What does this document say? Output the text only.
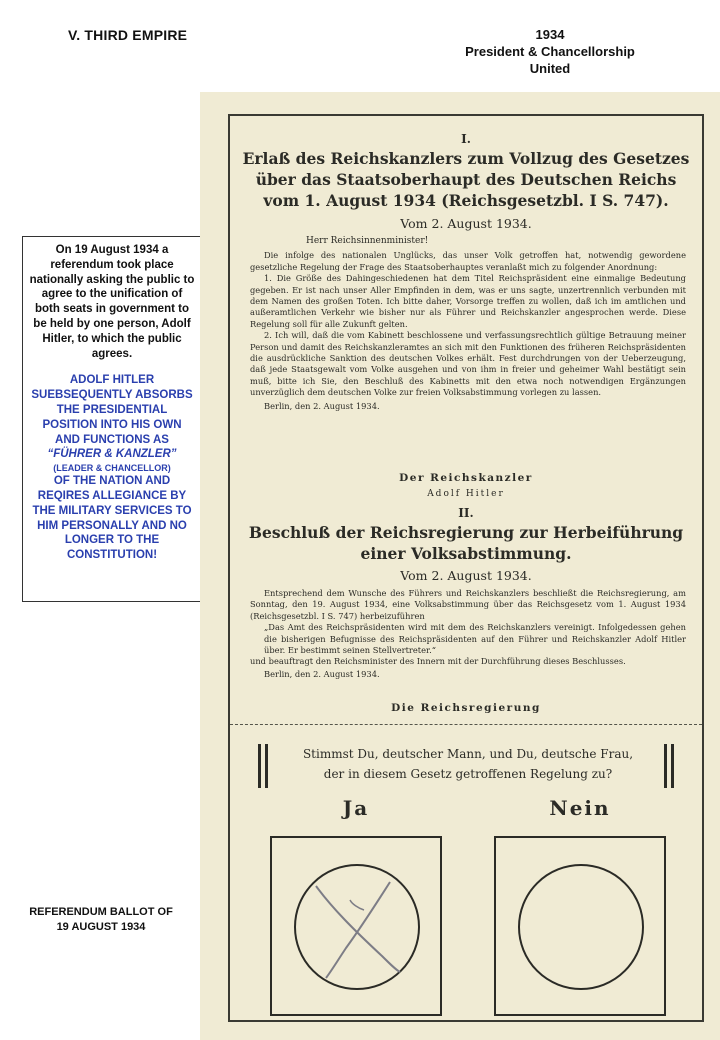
V. THIRD EMPIRE	1934
President & Chancellorship
United
On 19 August 1934 a referendum took place nationally asking the public to agree to the unification of both seats in government to be held by one person, Adolf Hitler, to which the public agrees.
ADOLF HITLER SUEBSEQUENTLY ABSORBS THE PRESIDENTIAL POSITION INTO HIS OWN AND FUNCTIONS AS
“FÜHRER & KANZLER”
(LEADER & CHANCELLOR)
OF THE NATION AND REQIRES ALLEGIANCE BY THE MILITARY SERVICES TO HIM PERSONALLY AND NO LONGER TO THE CONSTITUTION!
REFERENDUM BALLOT OF
19 AUGUST 1934
I.
Erlaß des Reichskanzlers zum Vollzug des Gesetzes
über das Staatsoberhaupt des Deutschen Reichs
vom 1. August 1934 (Reichsgesetzbl. I S. 747).
Vom 2. August 1934.
Herr Reichsinnenminister!
Die infolge des nationalen Unglücks, das unser Volk getroffen hat, notwendig gewordene gesetzliche Regelung der Frage des Staatsoberhauptes veranlaßt mich zu folgender Anordnung:
1. Die Größe des Dahingeschiedenen hat dem Titel Reichspräsident eine einmalige Bedeutung gegeben. Er ist nach unser Aller Empfinden in dem, was er uns sagte, unzertrennlich verbunden mit dem Namen des großen Toten. Ich bitte daher, Vorsorge treffen zu wollen, daß ich im amtlichen und außeramtlichen Verkehr wie bisher nur als Führer und Reichskanzler angesprochen werde. Diese Regelung soll für alle Zukunft gelten.
2. Ich will, daß die vom Kabinett beschlossene und verfassungsrechtlich gültige Betrauung meiner Person und damit des Reichskanzleramtes an sich mit den Funktionen des früheren Reichspräsidenten die ausdrückliche Sanktion des deutschen Volkes erhält. Fest durchdrungen von der Ueberzeugung, daß jede Staatsgewalt vom Volke ausgehen und von ihm in freier und geheimer Wahl bestätigt sein muß, bitte ich Sie, den Beschluß des Kabinetts mit den etwa noch notwendigen Ergänzungen unverzüglich dem deutschen Volke zur freien Volksabstimmung vorlegen zu lassen.
Berlin, den 2. August 1934.
Der Reichskanzler
Adolf Hitler
II.
Beschluß der Reichsregierung zur Herbeiführung
einer Volksabstimmung.
Vom 2. August 1934.
Entsprechend dem Wunsche des Führers und Reichskanzlers beschließt die Reichsregierung, am Sonntag, den 19. August 1934, eine Volksabstimmung über das Reichsgesetz vom 1. August 1934 (Reichsgesetzbl. I S. 747) herbeizuführen
„Das Amt des Reichspräsidenten wird mit dem des Reichskanzlers vereinigt. Infolgedessen gehen die bisherigen Befugnisse des Reichspräsidenten auf den Führer und Reichskanzler Adolf Hitler über. Er bestimmt seinen Stellvertreter.“
und beauftragt den Reichsminister des Innern mit der Durchführung dieses Beschlusses.
Berlin, den 2. August 1934.
Die Reichsregierung
Stimmst Du, deutscher Mann, und Du, deutsche Frau,
der in diesem Gesetz getroffenen Regelung zu?
Ja	Nein
